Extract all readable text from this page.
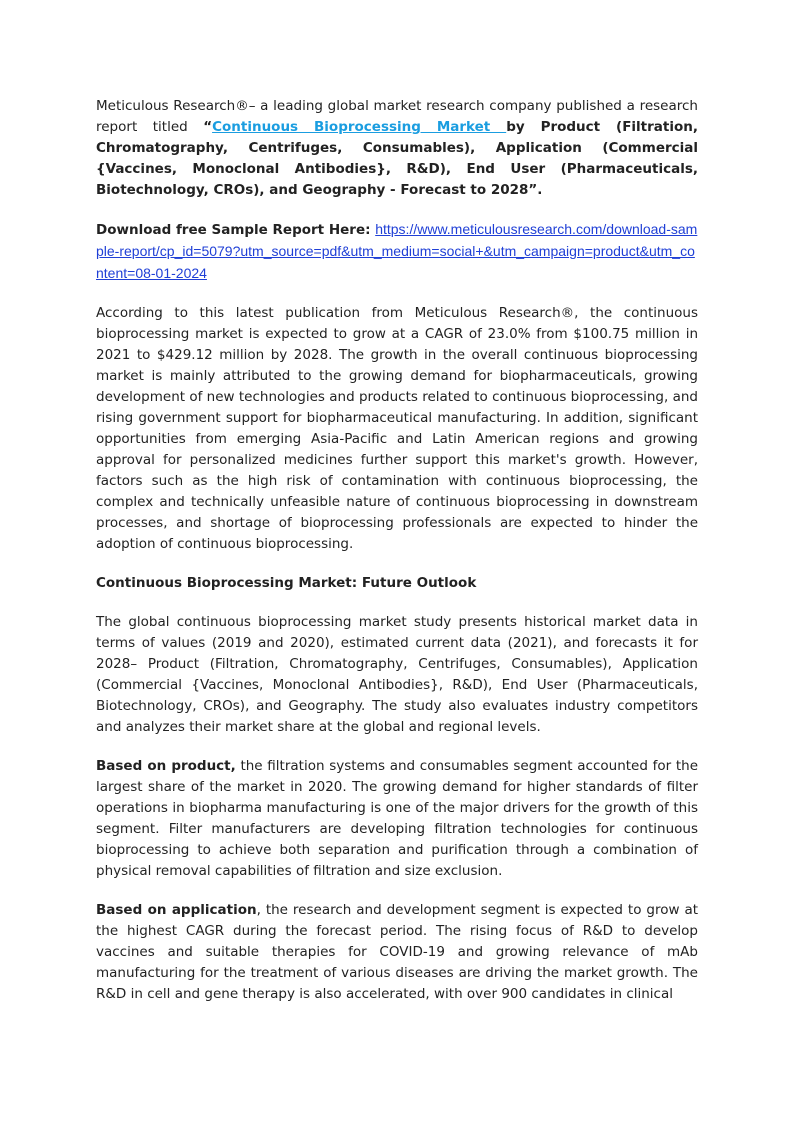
Meticulous Research®– a leading global market research company published a research report titled “Continuous Bioprocessing Market by Product (Filtration, Chromatography, Centrifuges, Consumables), Application (Commercial {Vaccines, Monoclonal Antibodies}, R&D), End User (Pharmaceuticals, Biotechnology, CROs), and Geography - Forecast to 2028”.

Download free Sample Report Here: https://www.meticulousresearch.com/download-sample-report/cp_id=5079?utm_source=pdf&utm_medium=social+&utm_campaign=product&utm_content=08-01-2024

According to this latest publication from Meticulous Research®, the continuous bioprocessing market is expected to grow at a CAGR of 23.0% from $100.75 million in 2021 to $429.12 million by 2028. The growth in the overall continuous bioprocessing market is mainly attributed to the growing demand for biopharmaceuticals, growing development of new technologies and products related to continuous bioprocessing, and rising government support for biopharmaceutical manufacturing. In addition, significant opportunities from emerging Asia-Pacific and Latin American regions and growing approval for personalized medicines further support this market's growth. However, factors such as the high risk of contamination with continuous bioprocessing, the complex and technically unfeasible nature of continuous bioprocessing in downstream processes, and shortage of bioprocessing professionals are expected to hinder the adoption of continuous bioprocessing.

Continuous Bioprocessing Market: Future Outlook

The global continuous bioprocessing market study presents historical market data in terms of values (2019 and 2020), estimated current data (2021), and forecasts it for 2028– Product (Filtration, Chromatography, Centrifuges, Consumables), Application (Commercial {Vaccines, Monoclonal Antibodies}, R&D), End User (Pharmaceuticals, Biotechnology, CROs), and Geography. The study also evaluates industry competitors and analyzes their market share at the global and regional levels.

Based on product, the filtration systems and consumables segment accounted for the largest share of the market in 2020. The growing demand for higher standards of filter operations in biopharma manufacturing is one of the major drivers for the growth of this segment. Filter manufacturers are developing filtration technologies for continuous bioprocessing to achieve both separation and purification through a combination of physical removal capabilities of filtration and size exclusion.

Based on application, the research and development segment is expected to grow at the highest CAGR during the forecast period. The rising focus of R&D to develop vaccines and suitable therapies for COVID-19 and growing relevance of mAb manufacturing for the treatment of various diseases are driving the market growth. The R&D in cell and gene therapy is also accelerated, with over 900 candidates in clinical
